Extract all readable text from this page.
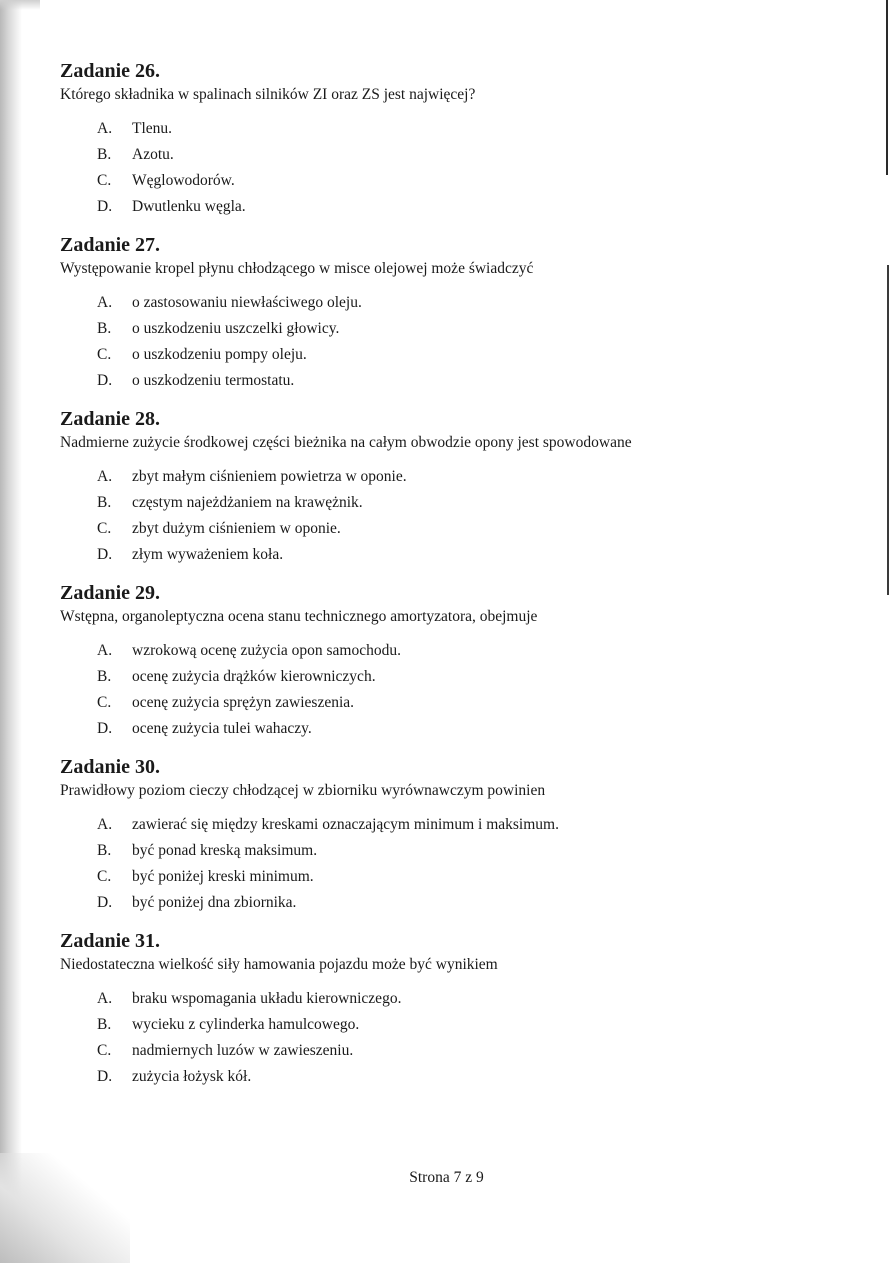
Zadanie 26.

Którego składnika w spalinach silników ZI oraz ZS jest najwięcej?

A.	Tlenu.
B.	Azotu.
C.	Węglowodorów.
D.	Dwutlenku węgla.
Zadanie 27.

Występowanie kropel płynu chłodzącego w misce olejowej może świadczyć

A.	o zastosowaniu niewłaściwego oleju.
B.	o uszkodzeniu uszczelki głowicy.
C.	o uszkodzeniu pompy oleju.
D.	o uszkodzeniu termostatu.
Zadanie 28.

Nadmierne zużycie środkowej części bieżnika na całym obwodzie opony jest spowodowane

A.	zbyt małym ciśnieniem powietrza w oponie.
B.	częstym najeżdżaniem na krawężnik.
C.	zbyt dużym ciśnieniem w oponie.
D.	złym wyważeniem koła.
Zadanie 29.

Wstępna, organoleptyczna ocena stanu technicznego amortyzatora, obejmuje

A.	wzrokową ocenę zużycia opon samochodu.
B.	ocenę zużycia drążków kierowniczych.
C.	ocenę zużycia sprężyn zawieszenia.
D.	ocenę zużycia tulei wahaczy.
Zadanie 30.

Prawidłowy poziom cieczy chłodzącej w zbiorniku wyrównawczym powinien

A.	zawierać się między kreskami oznaczającym minimum i maksimum.
B.	być ponad kreską maksimum.
C.	być poniżej kreski minimum.
D.	być poniżej dna zbiornika.
Zadanie 31.

Niedostateczna wielkość siły hamowania pojazdu może być wynikiem

A.	braku wspomagania układu kierowniczego.
B.	wycieku z cylinderka hamulcowego.
C.	nadmiernych luzów w zawieszeniu.
D.	zużycia łożysk kół.
Strona 7 z 9
